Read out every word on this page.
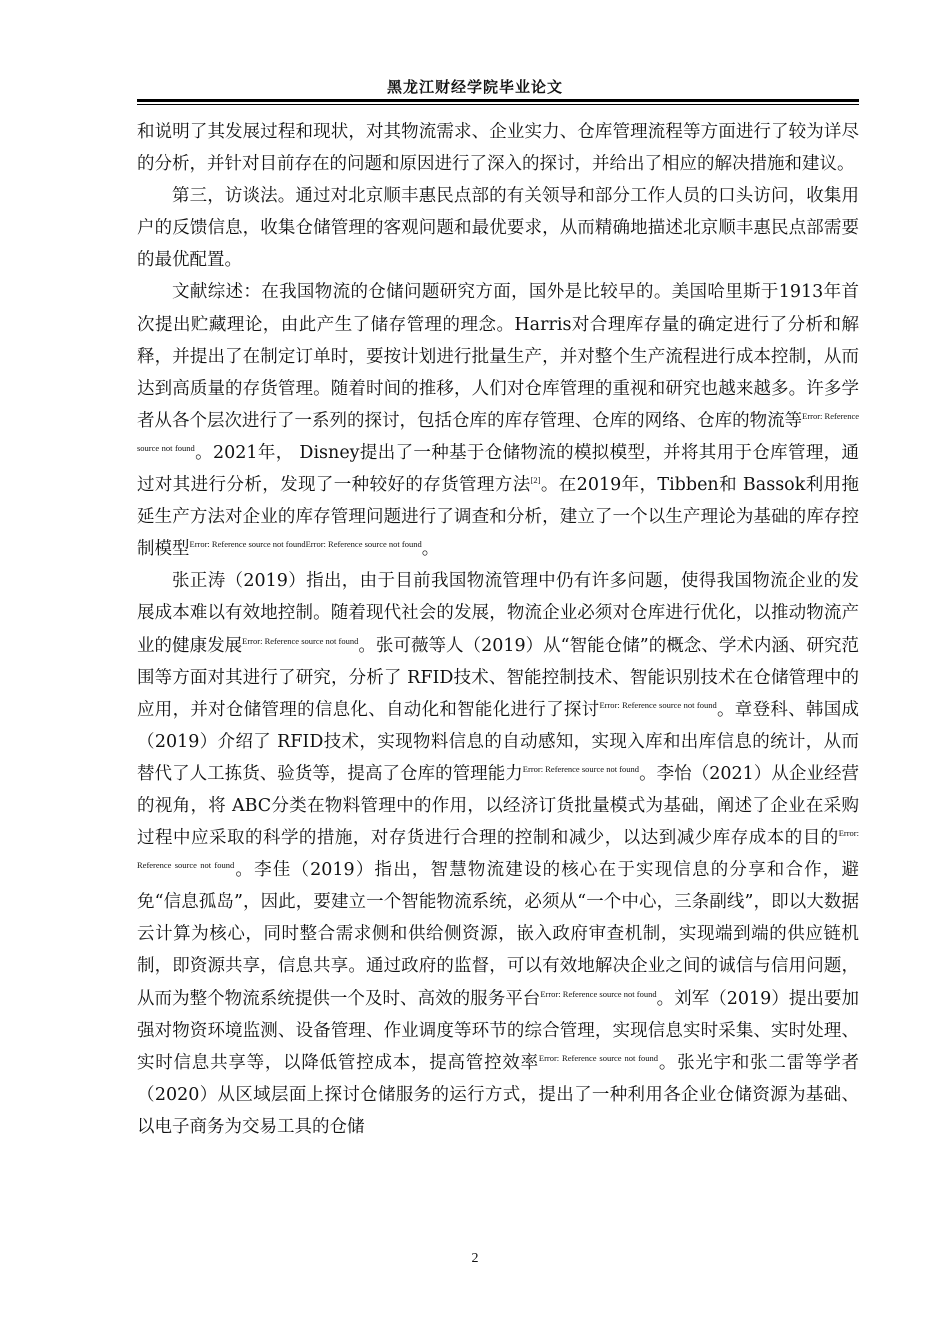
黑龙江财经学院毕业论文

和说明了其发展过程和现状，对其物流需求、企业实力、仓库管理流程等方面进行了较为详尽的分析，并针对目前存在的问题和原因进行了深入的探讨，并给出了相应的解决措施和建议。

第三，访谈法。通过对北京顺丰惠民点部的有关领导和部分工作人员的口头访问，收集用户的反馈信息，收集仓储管理的客观问题和最优要求，从而精确地描述北京顺丰惠民点部需要的最优配置。

文献综述：在我国物流的仓储问题研究方面，国外是比较早的。美国哈里斯于1913年首次提出贮藏理论，由此产生了储存管理的理念。Harris对合理库存量的确定进行了分析和解释，并提出了在制定订单时，要按计划进行批量生产，并对整个生产流程进行成本控制，从而达到高质量的存货管理。随着时间的推移，人们对仓库管理的重视和研究也越来越多。许多学者从各个层次进行了一系列的探讨，包括仓库的库存管理、仓库的网络、仓库的物流等$^{Error: Reference source not found}$。2021年， Disney提出了一种基于仓储物流的模拟模型，并将其用于仓库管理，通过对其进行分析，发现了一种较好的存货管理方法[2]。在2019年，Tibben和 Bassok利用拖延生产方法对企业的库存管理问题进行了调查和分析，建立了一个以生产理论为基础的库存控制模型$^{Error: Reference source not foundError: Reference source not found}$。

张正涛（2019）指出，由于目前我国物流管理中仍有许多问题，使得我国物流企业的发展成本难以有效地控制。随着现代社会的发展，物流企业必须对仓库进行优化，以推动物流产业的健康发展$^{Error: Reference source not found}$。张可薇等人（2019）从“智能仓储”的概念、学术内涵、研究范围等方面对其进行了研究，分析了 RFID技术、智能控制技术、智能识别技术在仓储管理中的应用，并对仓储管理的信息化、自动化和智能化进行了探讨$^{Error: Reference source not found}$。章登科、韩国成（2019）介绍了 RFID技术，实现物料信息的自动感知，实现入库和出库信息的统计，从而替代了人工拣货、验货等，提高了仓库的管理能力$^{Error: Reference source not found}$。李怡（2021）从企业经营的视角，将 ABC分类在物料管理中的作用，以经济订货批量模式为基础，阐述了企业在采购过程中应采取的科学的措施，对存货进行合理的控制和减少，以达到减少库存成本的目的$^{Error: Reference source not found}$。李佳（2019）指出，智慧物流建设的核心在于实现信息的分享和合作，避免“信息孤岛”，因此，要建立一个智能物流系统，必须从“一个中心，三条副线”，即以大数据云计算为核心，同时整合需求侧和供给侧资源，嵌入政府审查机制，实现端到端的供应链机制，即资源共享，信息共享。通过政府的监督，可以有效地解决企业之间的诚信与信用问题，从而为整个物流系统提供一个及时、高效的服务平台$^{Error: Reference source not found}$。刘军（2019）提出要加强对物资环境监测、设备管理、作业调度等环节的综合管理，实现信息实时采集、实时处理、实时信息共享等，以降低管控成本，提高管控效率$^{Error: Reference source not found}$。张光宇和张二雷等学者（2020）从区域层面上探讨仓储服务的运行方式，提出了一种利用各企业仓储资源为基础、以电子商务为交易工具的仓储

2
